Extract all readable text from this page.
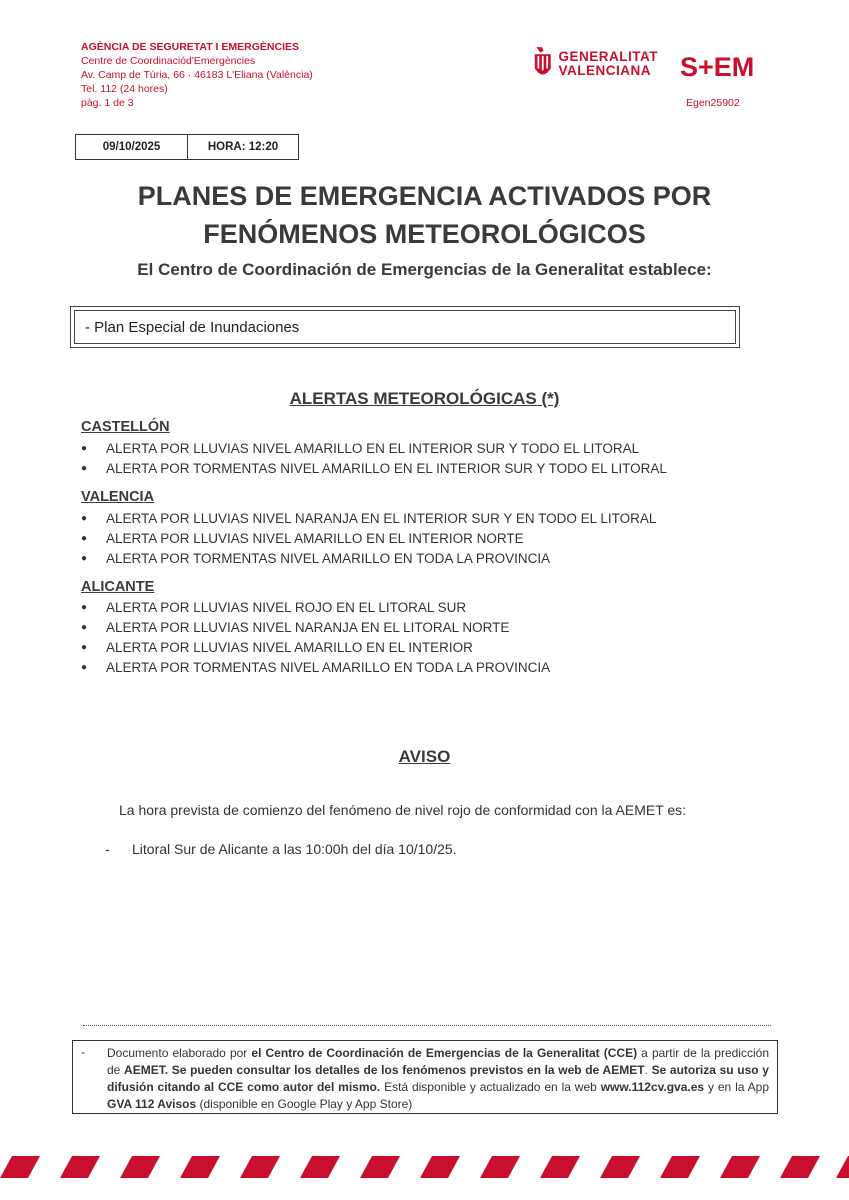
AGÈNCIA DE SEGURETAT I EMERGÈNCIES
Centre de Coordinaciód'Emergències
Av. Camp de Túria, 66 · 46183 L'Eliana (València)
Tel. 112 (24 hores)
pàg. 1 de 3
GENERALITAT
VALENCIANA S+EM
Egen25902
09/10/2025	HORA: 12:20
PLANES DE EMERGENCIA ACTIVADOS POR
FENÓMENOS METEOROLÓGICOS
El Centro de Coordinación de Emergencias de la Generalitat establece:
- Plan Especial de Inundaciones
ALERTAS METEOROLÓGICAS (*)
CASTELLÓN
●	ALERTA POR LLUVIAS NIVEL AMARILLO EN EL INTERIOR SUR Y TODO EL LITORAL
●	ALERTA POR TORMENTAS NIVEL AMARILLO EN EL INTERIOR SUR Y TODO EL LITORAL
VALENCIA
●	ALERTA POR LLUVIAS NIVEL NARANJA EN EL INTERIOR SUR Y EN TODO EL LITORAL
●	ALERTA POR LLUVIAS NIVEL AMARILLO EN EL INTERIOR NORTE
●	ALERTA POR TORMENTAS NIVEL AMARILLO EN TODA LA PROVINCIA
ALICANTE
●	ALERTA POR LLUVIAS NIVEL ROJO EN EL LITORAL SUR
●	ALERTA POR LLUVIAS NIVEL NARANJA EN EL LITORAL NORTE
●	ALERTA POR LLUVIAS NIVEL AMARILLO EN EL INTERIOR
●	ALERTA POR TORMENTAS NIVEL AMARILLO EN TODA LA PROVINCIA
AVISO
La hora prevista de comienzo del fenómeno de nivel rojo de conformidad con la AEMET es:
-	Litoral Sur de Alicante a las 10:00h del día 10/10/25.
- Documento elaborado por el Centro de Coordinación de Emergencias de la Generalitat (CCE) a partir de la predicción de AEMET. Se pueden consultar los detalles de los fenómenos previstos en la web de AEMET. Se autoriza su uso y difusión citando al CCE como autor del mismo. Está disponible y actualizado en la web www.112cv.gva.es y en la App GVA 112 Avisos (disponible en Google Play y App Store)
